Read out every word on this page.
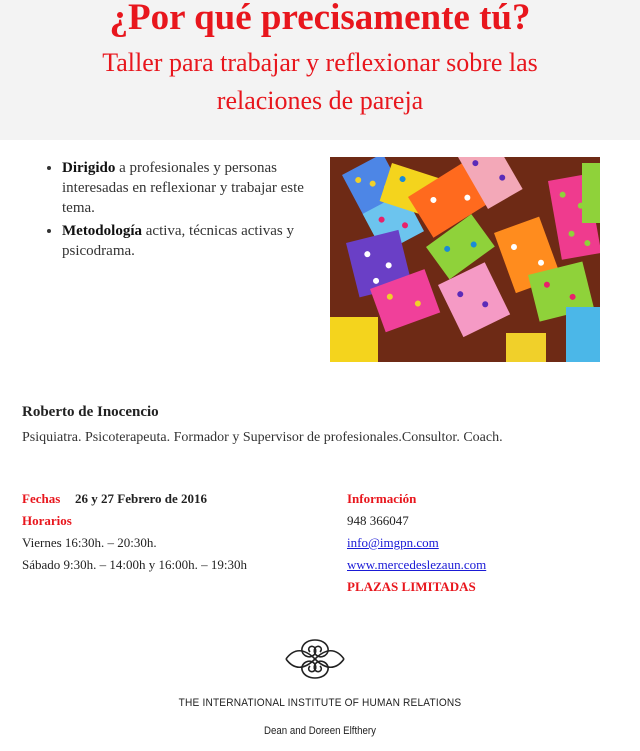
¿Por qué precisamente tú?
Taller para trabajar y reflexionar sobre las
relaciones de pareja
• Dirigido a profesionales y personas interesadas en reflexionar y trabajar este tema.
• Metodología activa, técnicas activas y psicodrama.
Roberto de Inocencio
Psiquiatra. Psicoterapeuta. Formador y Supervisor de profesionales.Consultor. Coach.
Fechas 26 y 27 Febrero de 2016
Horarios
Viernes 16:30h. – 20:30h.
Sábado 9:30h. – 14:00h y 16:00h. – 19:30h
Información
948 366047
info@imgpn.com
www.mercedeslezaun.com
PLAZAS LIMITADAS
THE INTERNATIONAL INSTITUTE OF HUMAN RELATIONS
Dean and Doreen Elfthery
